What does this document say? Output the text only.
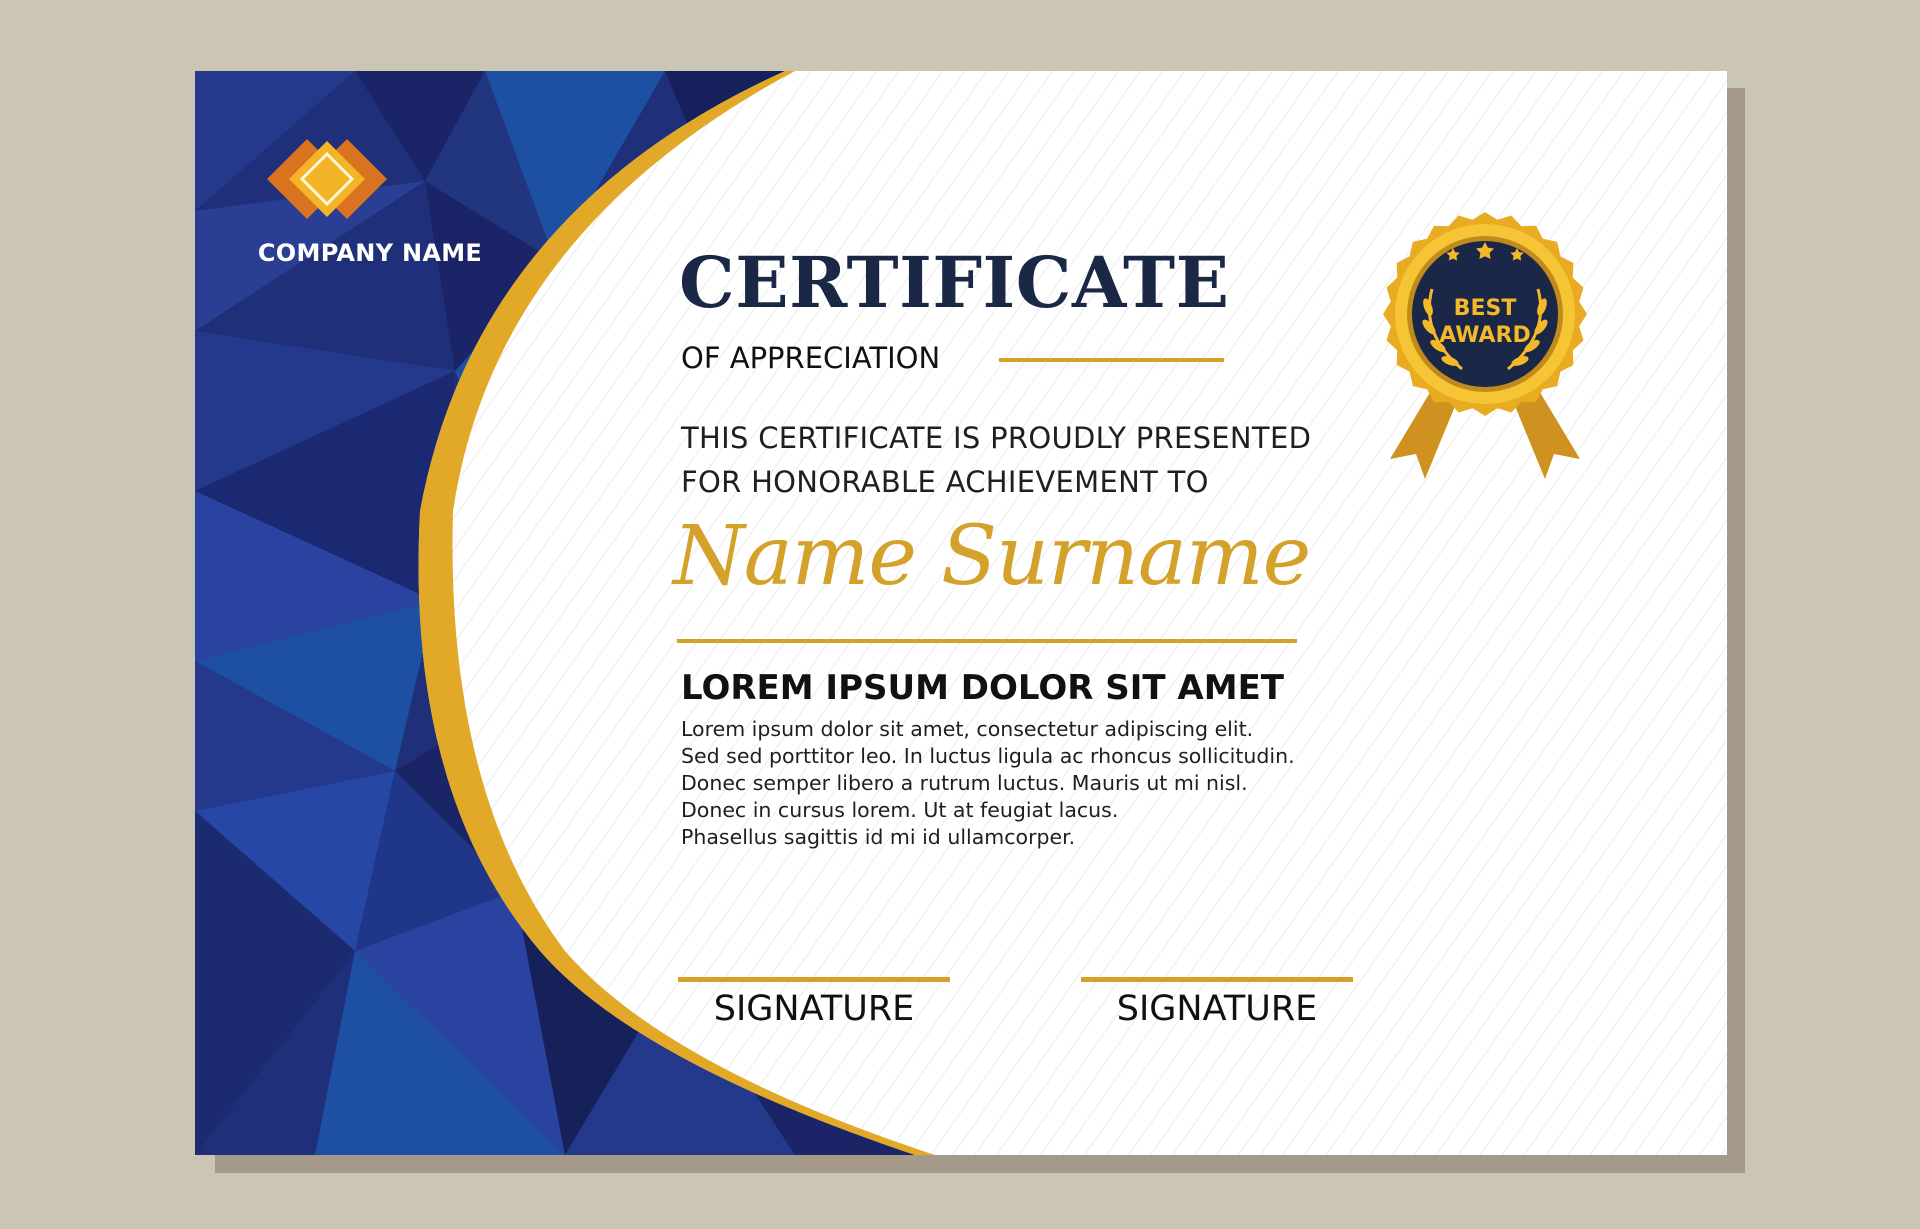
COMPANY NAME	CERTIFICATE
OF APPRECIATION
THIS CERTIFICATE IS PROUDLY PRESENTED
FOR HONORABLE ACHIEVEMENT TO
Name Surname
LOREM IPSUM DOLOR SIT AMET
Lorem ipsum dolor sit amet, consectetur adipiscing elit.
Sed sed porttitor leo. In luctus ligula ac rhoncus sollicitudin.
Donec semper libero a rutrum luctus. Mauris ut mi nisl.
Donec in cursus lorem. Ut at feugiat lacus.
Phasellus sagittis id mi id ullamcorper.
SIGNATURE	SIGNATURE
BEST
AWARD
